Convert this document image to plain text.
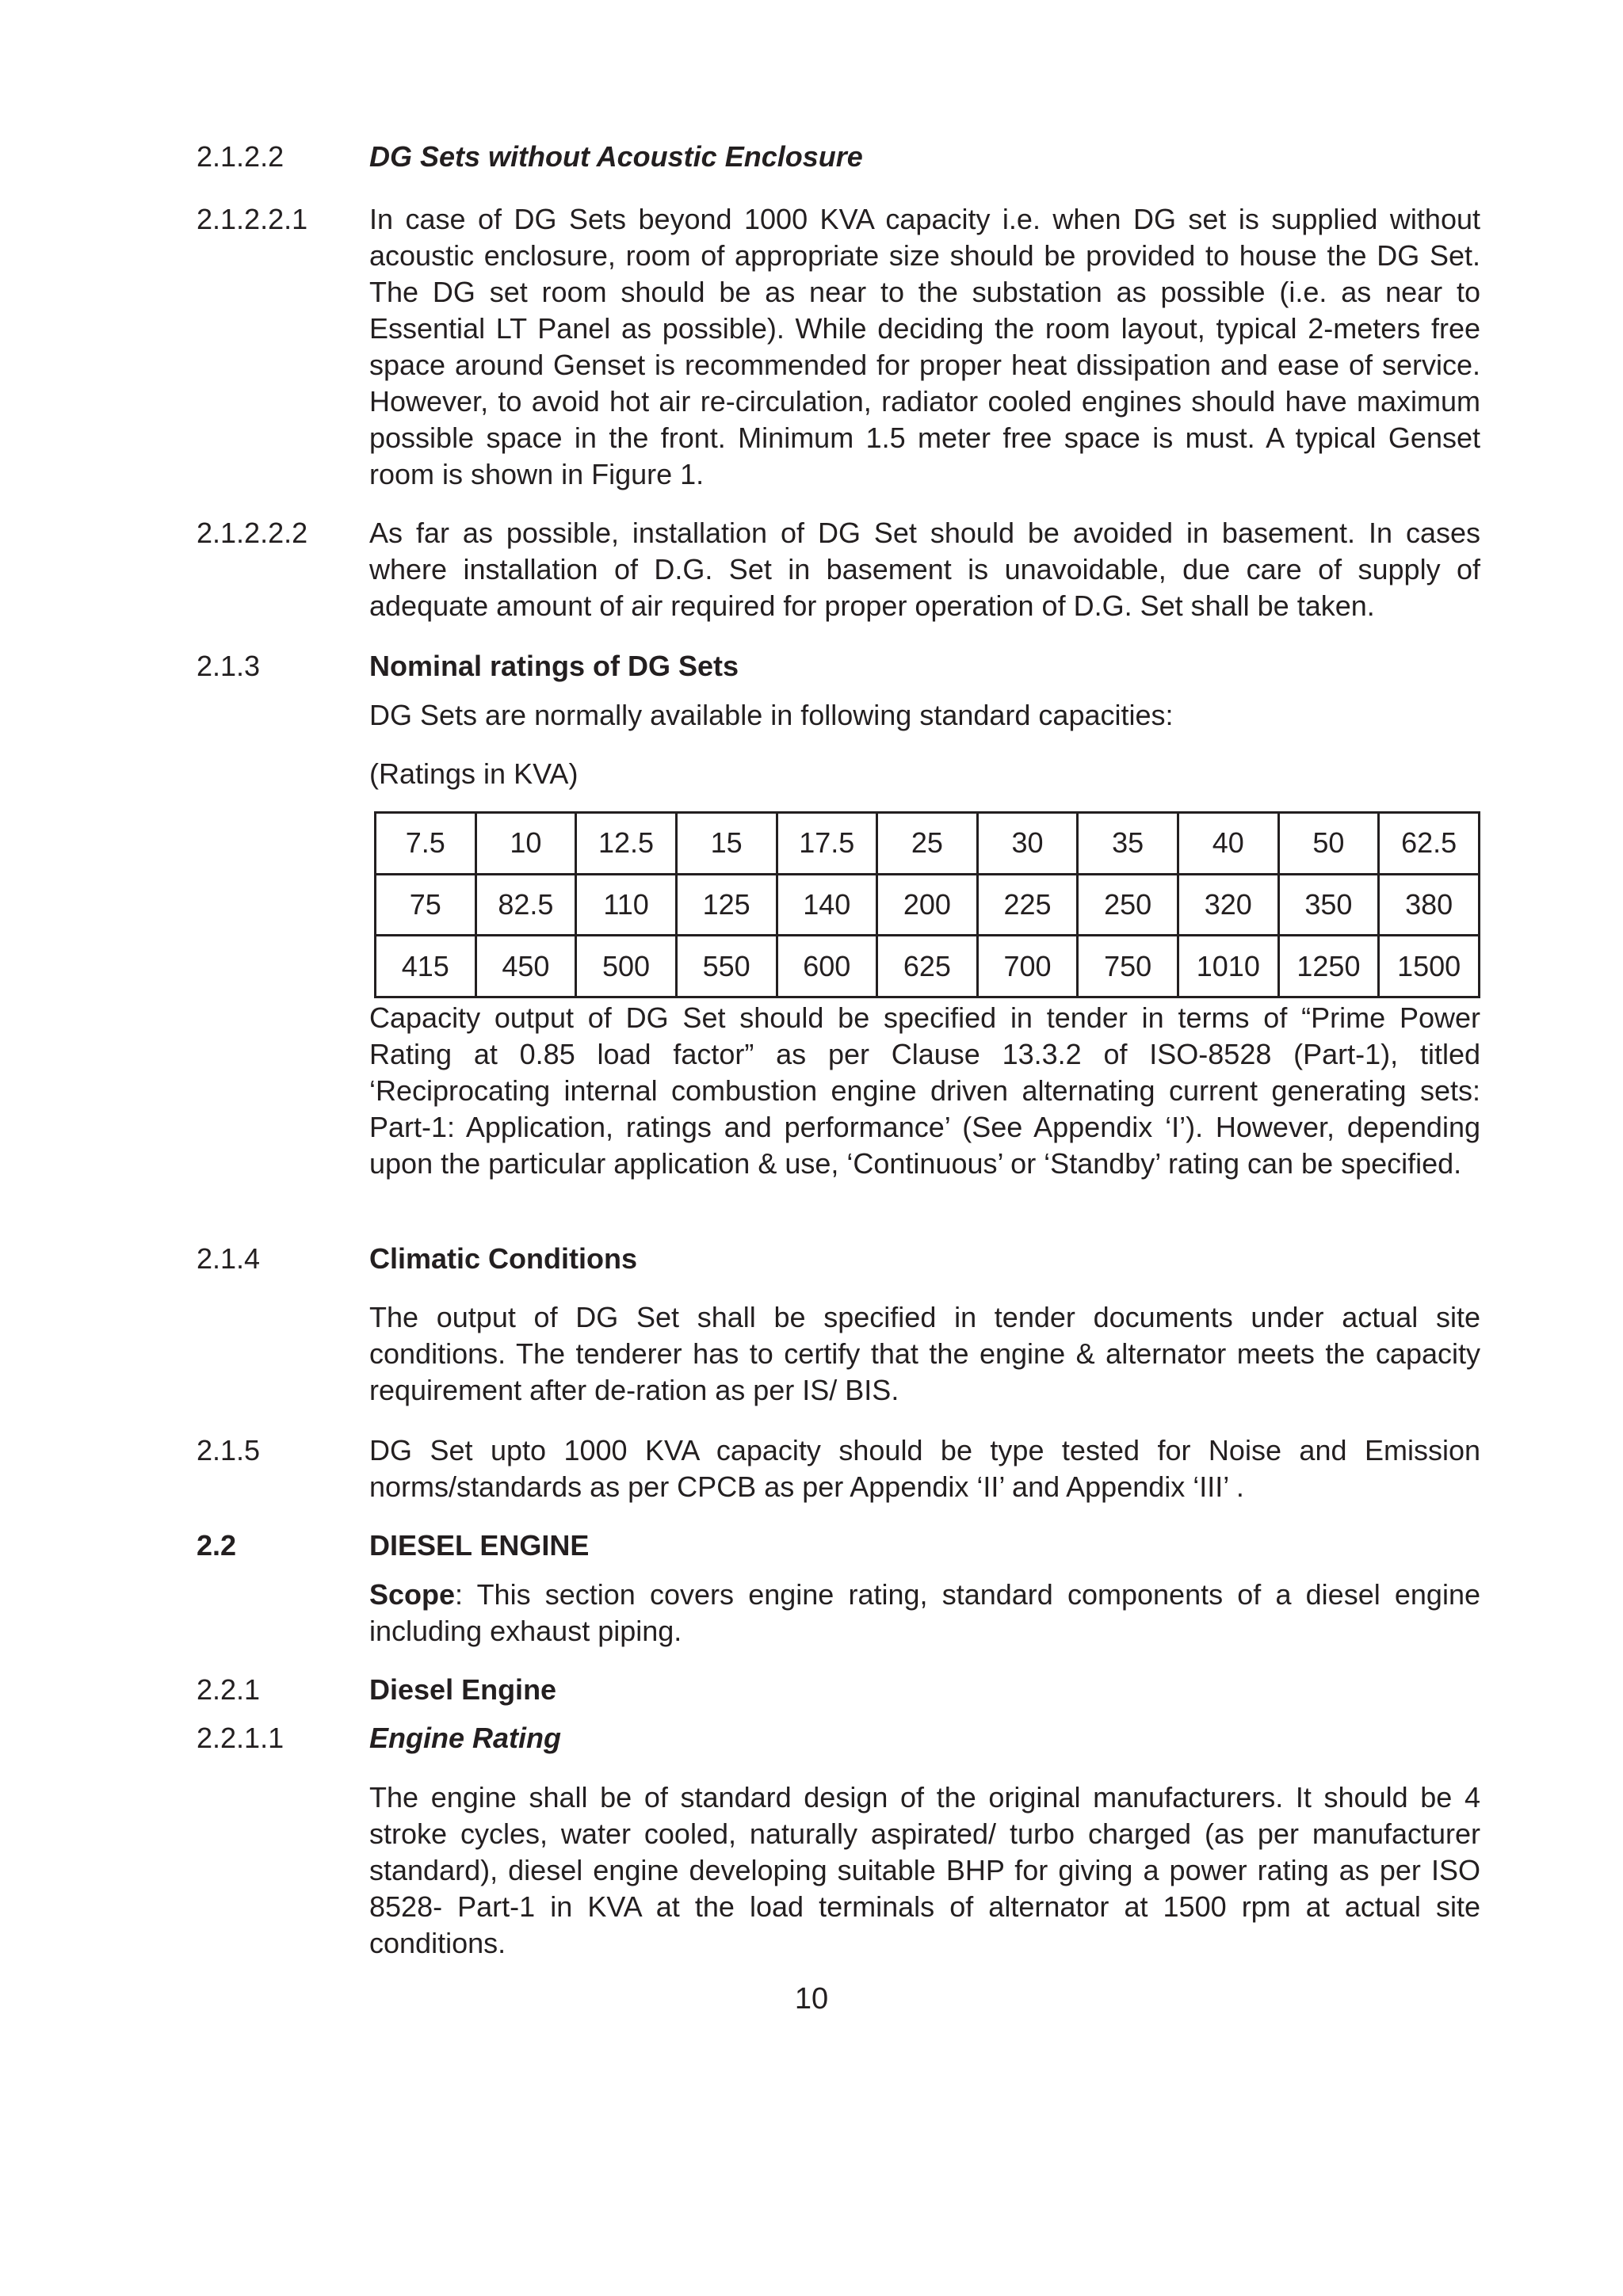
2.1.2.2	DG Sets without Acoustic Enclosure
2.1.2.2.1 In case of DG Sets beyond 1000 KVA capacity i.e. when DG set is supplied without acoustic enclosure, room of appropriate size should be provided to house the DG Set. The DG set room should be as near to the substation as possible (i.e. as near to Essential LT Panel as possible). While deciding the room layout, typical 2-meters free space around Genset is recommended for proper heat dissipation and ease of service. However, to avoid hot air re-circulation, radiator cooled engines should have maximum possible space in the front. Minimum 1.5 meter free space is must. A typical Genset room is shown in Figure 1.
2.1.2.2.2 As far as possible, installation of DG Set should be avoided in basement. In cases where installation of D.G. Set in basement is unavoidable, due care of supply of adequate amount of air required for proper operation of D.G. Set shall be taken.
2.1.3	Nominal ratings of DG Sets
DG Sets are normally available in following standard capacities:
(Ratings in KVA)
7.5	10	12.5	15	17.5	25	30	35	40	50	62.5
75	82.5	110	125	140	200	225	250	320	350	380
415	450	500	550	600	625	700	750	1010	1250	1500
Capacity output of DG Set should be specified in tender in terms of “Prime Power Rating at 0.85 load factor” as per Clause 13.3.2 of ISO-8528 (Part-1), titled ‘Reciprocating internal combustion engine driven alternating current generating sets: Part-1: Application, ratings and performance’ (See Appendix ‘I’). However, depending upon the particular application & use, ‘Continuous’ or ‘Standby’ rating can be specified.
2.1.4	Climatic Conditions
The output of DG Set shall be specified in tender documents under actual site conditions. The tenderer has to certify that the engine & alternator meets the capacity requirement after de-ration as per IS/ BIS.
2.1.5	DG Set upto 1000 KVA capacity should be type tested for Noise and Emission norms/standards as per CPCB as per Appendix ‘II’ and Appendix ‘III’ .
2.2	DIESEL ENGINE
Scope: This section covers engine rating, standard components of a diesel engine including exhaust piping.
2.2.1	Diesel Engine
2.2.1.1	Engine Rating
The engine shall be of standard design of the original manufacturers. It should be 4 stroke cycles, water cooled, naturally aspirated/ turbo charged (as per manufacturer standard), diesel engine developing suitable BHP for giving a power rating as per ISO 8528- Part-1 in KVA at the load terminals of alternator at 1500 rpm at actual site conditions.
10
